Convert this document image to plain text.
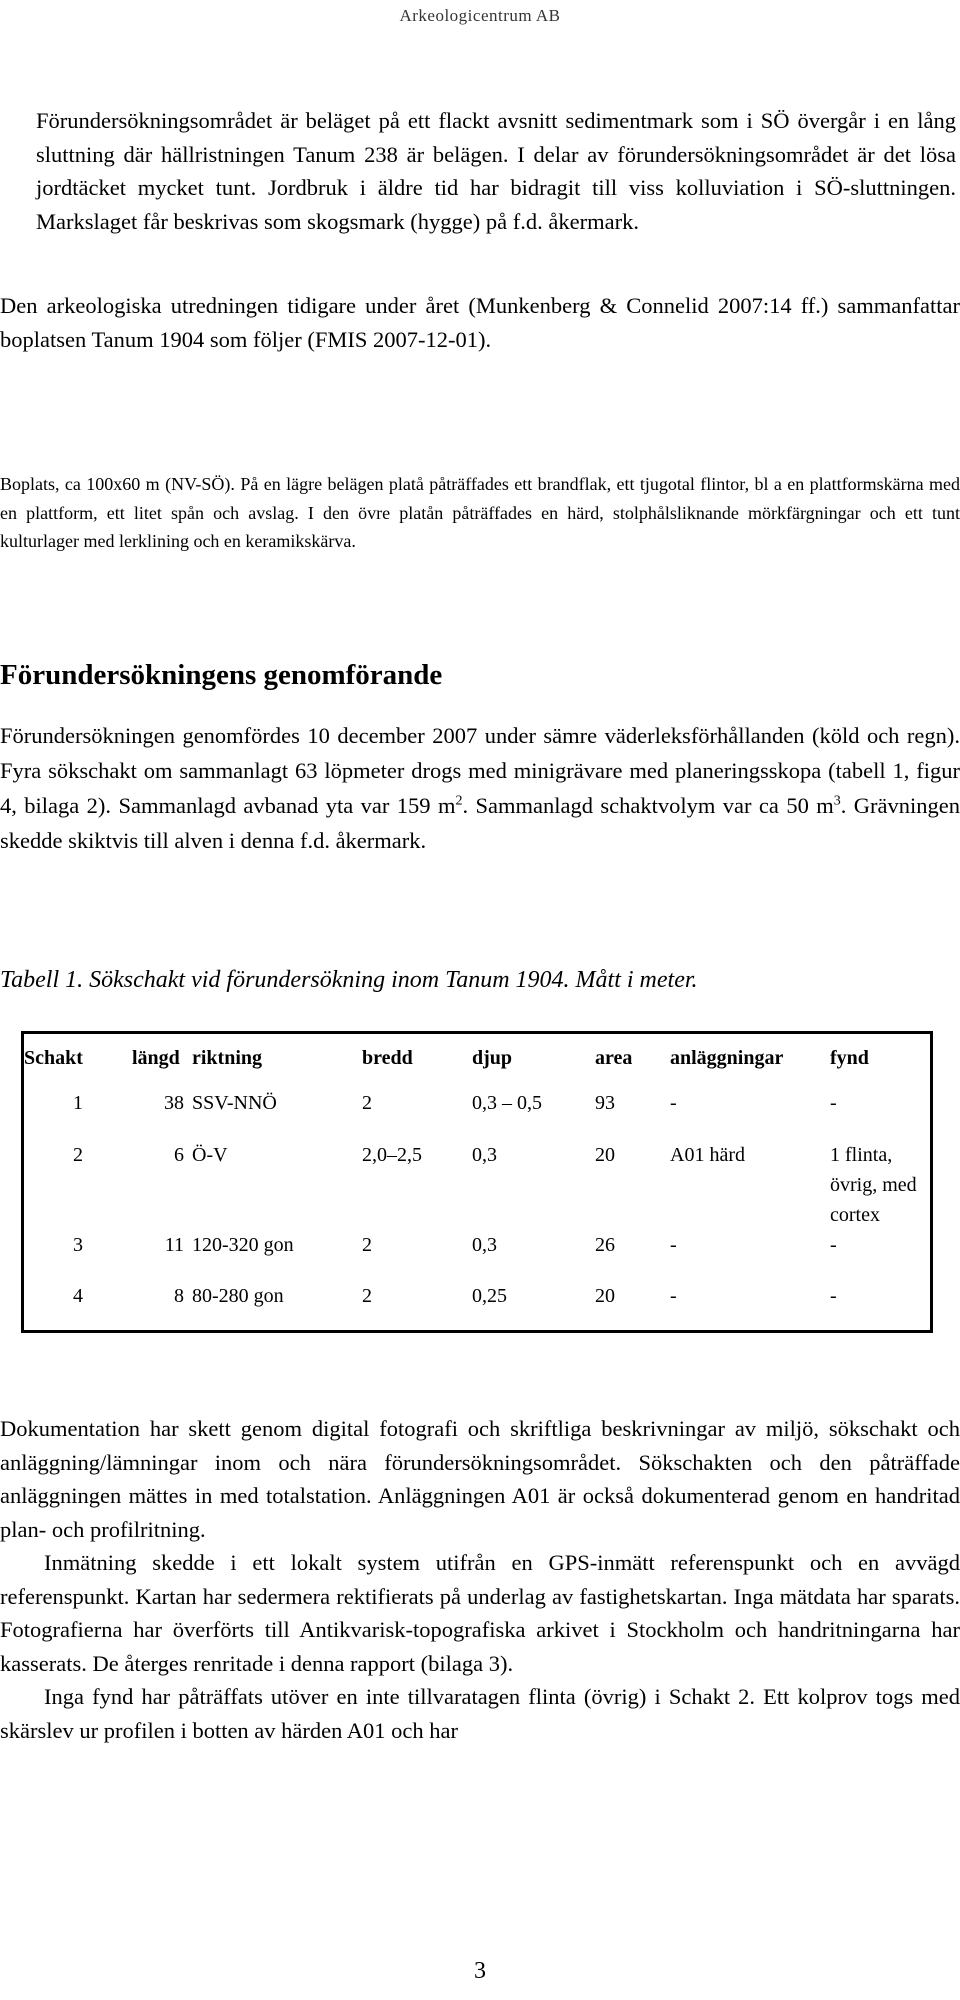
Arkeologicentrum AB

Förundersökningsområdet är beläget på ett flackt avsnitt sedimentmark som i SÖ övergår i en lång sluttning där hällristningen Tanum 238 är belägen. I delar av förundersökningsområdet är det lösa jordtäcket mycket tunt. Jordbruk i äldre tid har bidragit till viss kolluviation i SÖ-sluttningen. Markslaget får beskrivas som skogsmark (hygge) på f.d. åkermark.

Den arkeologiska utredningen tidigare under året (Munkenberg & Connelid 2007:14 ff.) sammanfattar boplatsen Tanum 1904 som följer (FMIS 2007-12-01).

Boplats, ca 100x60 m (NV-SÖ). På en lägre belägen platå påträffades ett brandflak, ett tjugotal flintor, bl a en plattformskärna med en plattform, ett litet spån och avslag. I den övre platån påträffades en härd, stolphålsliknande mörkfärgningar och ett tunt kulturlager med lerklining och en keramikskärva.

Förundersökningens genomförande

Förundersökningen genomfördes 10 december 2007 under sämre väderleksförhållanden (köld och regn). Fyra sökschakt om sammanlagt 63 löpmeter drogs med minigrävare med planeringsskopa (tabell 1, figur 4, bilaga 2). Sammanlagd avbanad yta var 159 $m^2$. Sammanlagd schaktvolym var ca 50 $m^3$. Grävningen skedde skiktvis till alven i denna f.d. åkermark.

Tabell 1. Sökschakt vid förundersökning inom Tanum 1904. Mått i meter.
Schakt	längd	riktning	bredd	djup	area	anläggningar	fynd
1	38	SSV-NNÖ	2	0,3 – 0,5	93	-	-
2	6	Ö-V	2,0–2,5	0,3	20	A01 härd	1 flinta, övrig, med cortex
3	11	120-320 gon	2	0,3	26	-	-
4	8	80-280 gon	2	0,25	20	-	-

Dokumentation har skett genom digital fotografi och skriftliga beskrivningar av miljö, sökschakt och anläggning/lämningar inom och nära förundersökningsområdet. Sökschakten och den påträffade anläggningen mättes in med totalstation. Anläggningen A01 är också dokumenterad genom en handritad plan- och profilritning.

Inmätning skedde i ett lokalt system utifrån en GPS-inmätt referenspunkt och en avvägd referenspunkt. Kartan har sedermera rektifierats på underlag av fastighetskartan. Inga mätdata har sparats. Fotografierna har överförts till Antikvarisk-topografiska arkivet i Stockholm och handritningarna har kasserats. De återges renritade i denna rapport (bilaga 3).

Inga fynd har påträffats utöver en inte tillvaratagen flinta (övrig) i Schakt 2. Ett kolprov togs med skärslev ur profilen i botten av härden A01 och har

3
